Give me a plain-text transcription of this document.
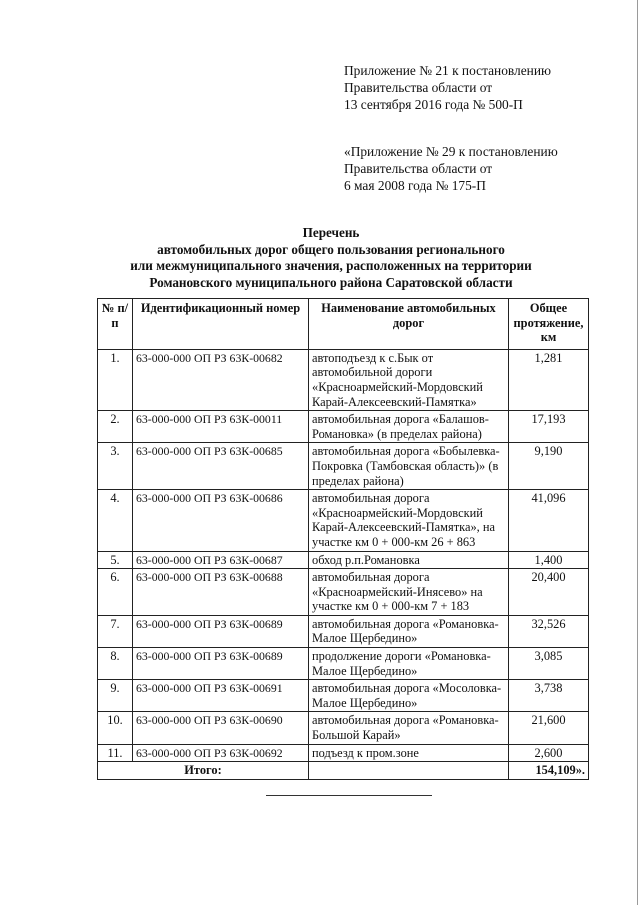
Приложение № 21 к постановлению
Правительства области от
13 сентября 2016 года № 500-П
«Приложение № 29 к постановлению
Правительства области от
6 мая 2008 года № 175-П
Перечень
автомобильных дорог общего пользования регионального
или межмуниципального значения, расположенных на территории
Романовского муниципального района Саратовской области
№ п/п	Идентификационный номер	Наименование автомобильных дорог	Общее протяжение, км
1.	63-000-000 ОП РЗ 63К-00682	автоподъезд к с.Бык от автомобильной дороги «Красноармейский-Мордовский Карай-Алексеевский-Памятка»	1,281
2.	63-000-000 ОП РЗ 63К-00011	автомобильная дорога «Балашов-Романовка» (в пределах района)	17,193
3.	63-000-000 ОП РЗ 63К-00685	автомобильная дорога «Бобылевка-Покровка (Тамбовская область)» (в пределах района)	9,190
4.	63-000-000 ОП РЗ 63К-00686	автомобильная дорога «Красноармейский-Мордовский Карай-Алексеевский-Памятка», на участке км 0 + 000-км 26 + 863	41,096
5.	63-000-000 ОП РЗ 63К-00687	обход р.п.Романовка	1,400
6.	63-000-000 ОП РЗ 63К-00688	автомобильная дорога «Красноармейский-Инясево» на участке км 0 + 000-км 7 + 183	20,400
7.	63-000-000 ОП РЗ 63К-00689	автомобильная дорога «Романовка-Малое Щербедино»	32,526
8.	63-000-000 ОП РЗ 63К-00689	продолжение дороги «Романовка-Малое Щербедино»	3,085
9.	63-000-000 ОП РЗ 63К-00691	автомобильная дорога «Мосоловка-Малое Щербедино»	3,738
10.	63-000-000 ОП РЗ 63К-00690	автомобильная дорога «Романовка-Большой Карай»	21,600
11.	63-000-000 ОП РЗ 63К-00692	подъезд к пром.зоне	2,600
Итого:			154,109».
